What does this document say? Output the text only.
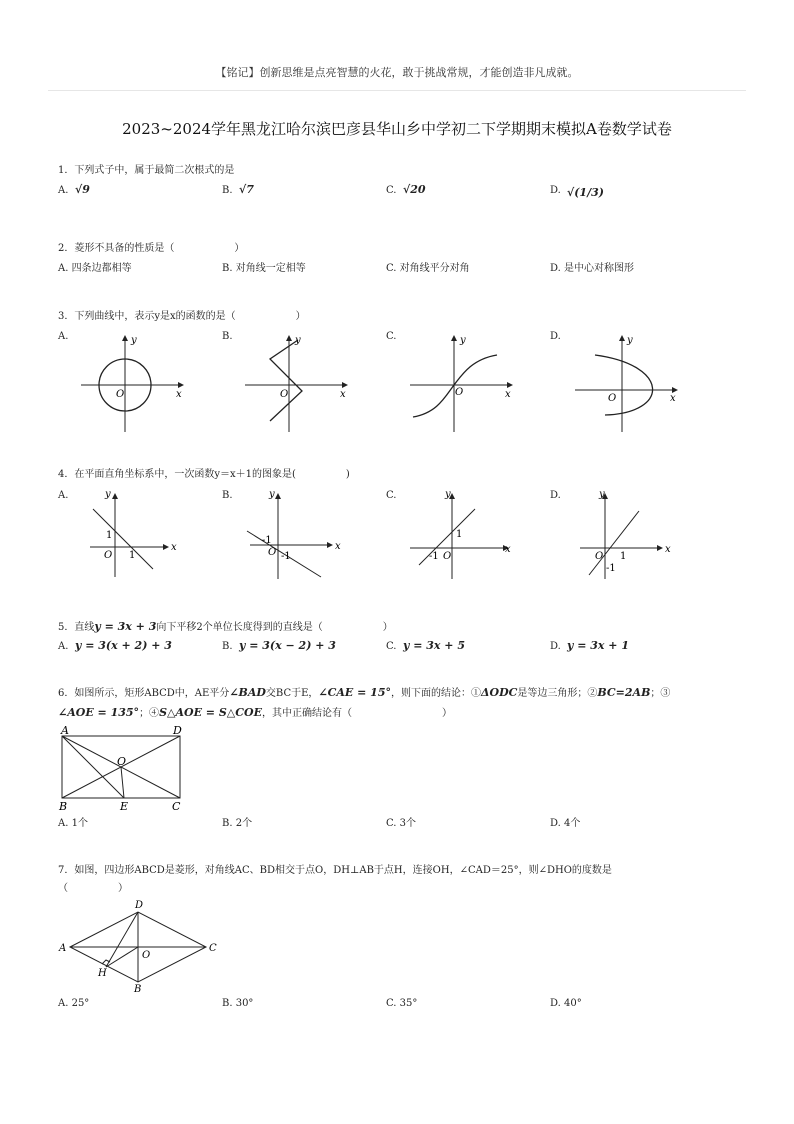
【铭记】创新思维是点亮智慧的火花，敢于挑战常规，才能创造非凡成就。
2023~2024学年黑龙江哈尔滨巴彦县华山乡中学初二下学期期末模拟A卷数学试卷
1．下列式子中，属于最简二次根式的是
A. √9	B. √7	C. √20	D. √(1/3)
2．菱形不具备的性质是（　　　　　　）
A. 四条边都相等	B. 对角线一定相等	C. 对角线平分对角	D. 是中心对称图形
3．下列曲线中，表示y是x的函数的是（　　　　　　）
A.	B.	C.	D.
y
x
O
y
x
O
y
x
O
y
x
O
4．在平面直角坐标系中，一次函数y＝x＋1的图象是(　　　　　)
A.	B.	C.	D.
y
x
O
1
1
y
x
O
-1
-1
y
x
O
-1
1
y
x
O 1
-1
5．直线y = 3x + 3向下平移2个单位长度得到的直线是（　　　　　　）
A. y = 3(x + 2) + 3	B. y = 3(x − 2) + 3	C. y = 3x + 5	D. y = 3x + 1
6．如图所示，矩形ABCD中，AE平分∠BAD交BC于E，∠CAE = 15°，则下面的结论：①ΔODC是等边三角形；②BC=2AB；③
∠AOE = 135°；④S△AOE = S△COE，其中正确结论有（　　　　　　　　　）
A	D
B	E	C
O
A. 1个	B. 2个	C. 3个	D. 4个
7．如图，四边形ABCD是菱形，对角线AC、BD相交于点O，DH⊥AB于点H，连接OH，∠CAD＝25°，则∠DHO的度数是
（　　　　　）
D
A	C
O
H
B
A. 25°	B. 30°	C. 35°	D. 40°
